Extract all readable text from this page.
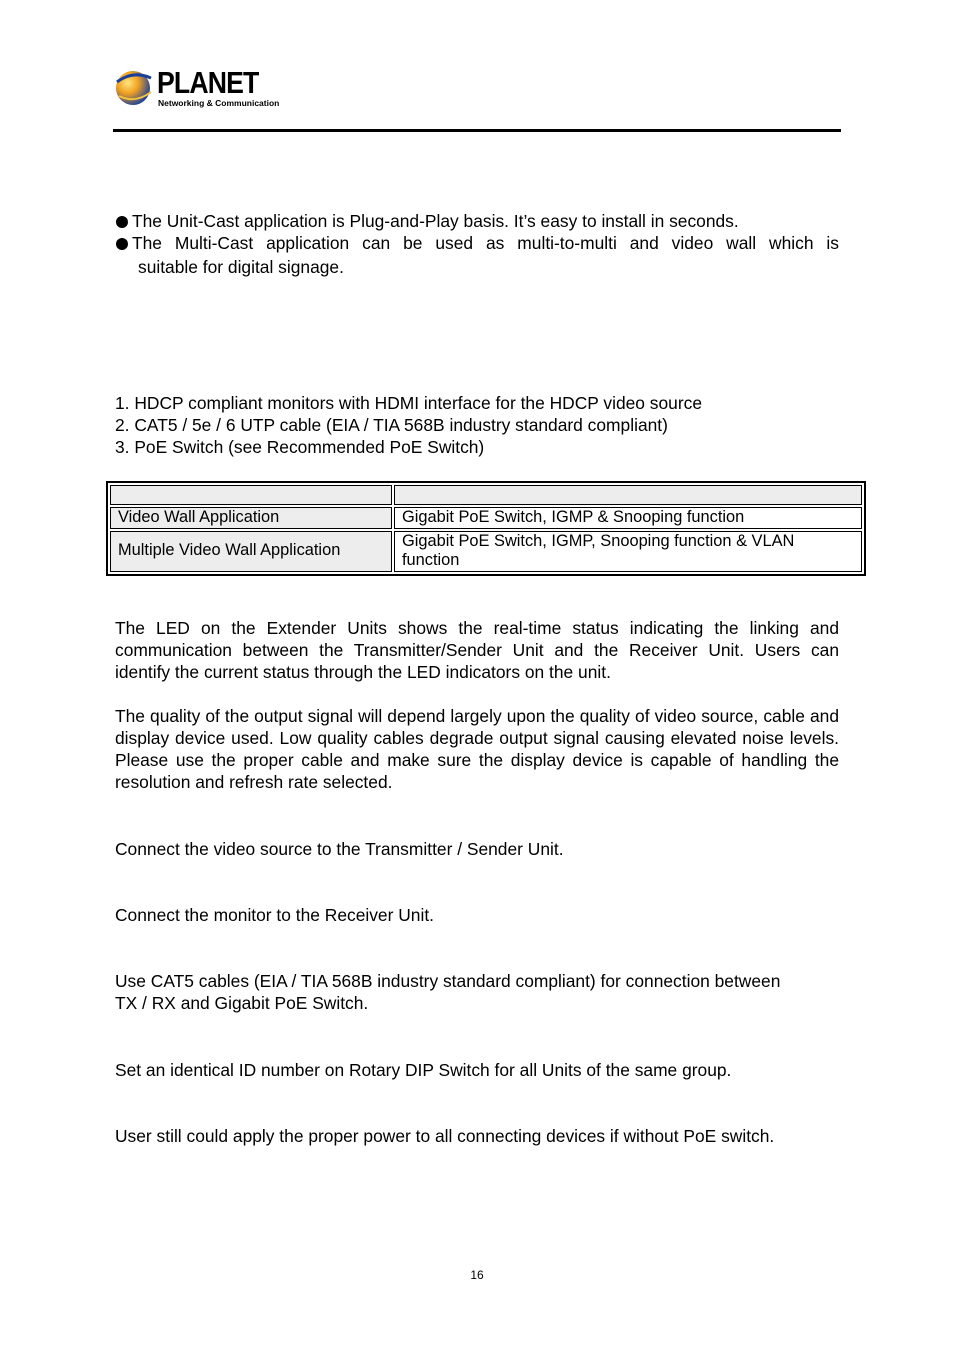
PLANET
Networking & Communication
The Unit-Cast application is Plug-and-Play basis. It’s easy to install in seconds.
The Multi-Cast application can be used as multi-to-multi and video wall which is
suitable for digital signage.
1. HDCP compliant monitors with HDMI interface for the HDCP video source
2. CAT5 / 5e / 6 UTP cable (EIA / TIA 568B industry standard compliant)
3. PoE Switch (see Recommended PoE Switch)

Video Wall Application	Gigabit PoE Switch, IGMP & Snooping function
Multiple Video Wall Application	Gigabit PoE Switch, IGMP, Snooping function & VLAN function

The LED on the Extender Units shows the real-time status indicating the linking and communication between the Transmitter/Sender Unit and the Receiver Unit. Users can identify the current status through the LED indicators on the unit.

The quality of the output signal will depend largely upon the quality of video source, cable and display device used. Low quality cables degrade output signal causing elevated noise levels. Please use the proper cable and make sure the display device is capable of handling the resolution and refresh rate selected.

Connect the video source to the Transmitter / Sender Unit.

Connect the monitor to the Receiver Unit.

Use CAT5 cables (EIA / TIA 568B industry standard compliant) for connection between TX / RX and Gigabit PoE Switch.

Set an identical ID number on Rotary DIP Switch for all Units of the same group.

User still could apply the proper power to all connecting devices if without PoE switch.

16
